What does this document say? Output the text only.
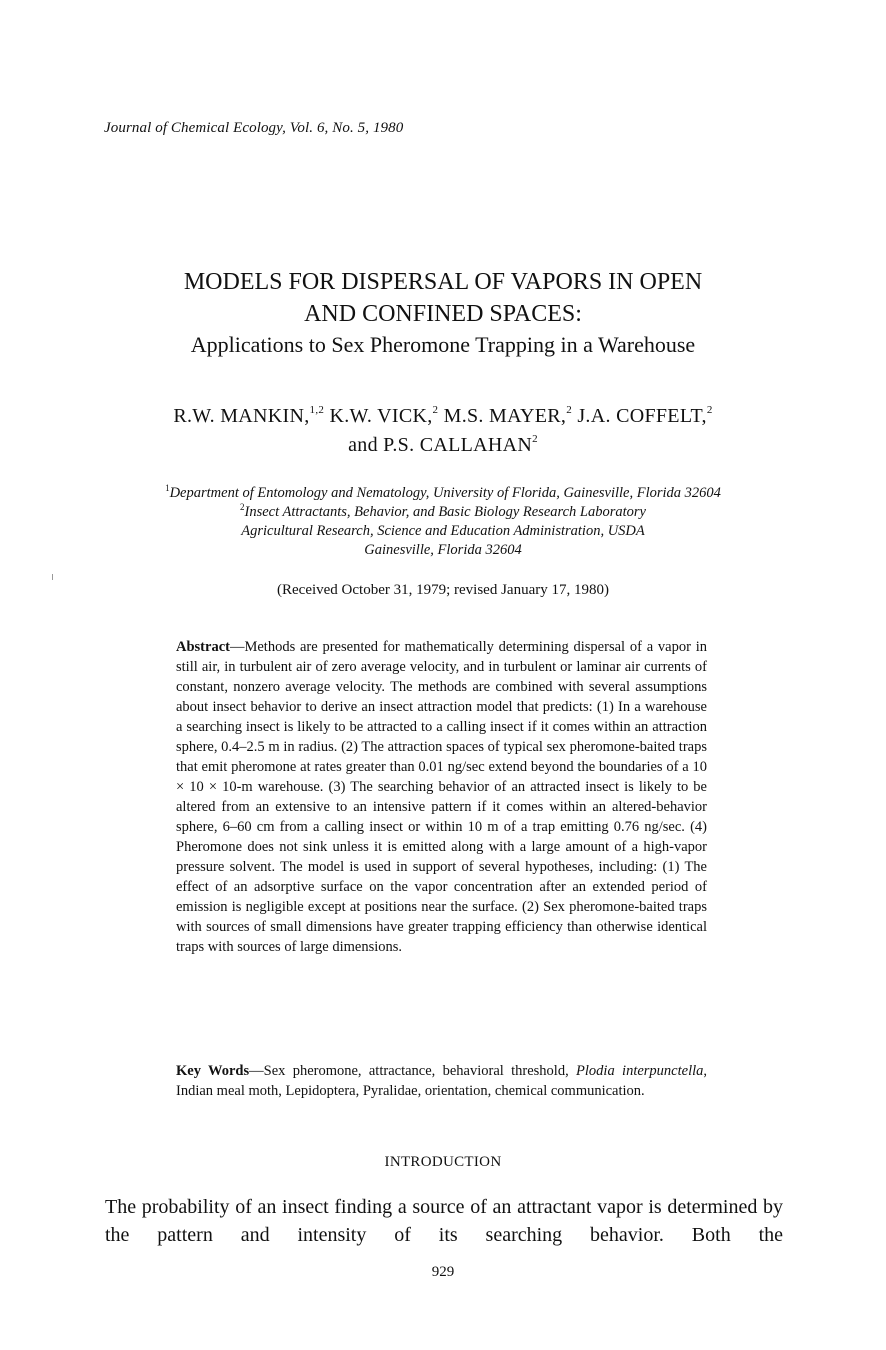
Journal of Chemical Ecology, Vol. 6, No. 5, 1980
MODELS FOR DISPERSAL OF VAPORS IN OPEN
AND CONFINED SPACES:
Applications to Sex Pheromone Trapping in a Warehouse
R.W. MANKIN,$^{1,2}$ K.W. VICK,$^2$ M.S. MAYER,$^2$ J.A. COFFELT,$^2$
and P.S. CALLAHAN$^2$
$^1$Department of Entomology and Nematology, University of Florida, Gainesville, Florida 32604
$^2$Insect Attractants, Behavior, and Basic Biology Research Laboratory
Agricultural Research, Science and Education Administration, USDA
Gainesville, Florida 32604
(Received October 31, 1979; revised January 17, 1980)
Abstract—Methods are presented for mathematically determining dispersal of a vapor in still air, in turbulent air of zero average velocity, and in turbulent or laminar air currents of constant, nonzero average velocity. The methods are combined with several assumptions about insect behavior to derive an insect attraction model that predicts: (1) In a warehouse a searching insect is likely to be attracted to a calling insect if it comes within an attraction sphere, 0.4–2.5 m in radius. (2) The attraction spaces of typical sex pheromone-baited traps that emit pheromone at rates greater than 0.01 ng/sec extend beyond the boundaries of a 10 × 10 × 10-m warehouse. (3) The searching behavior of an attracted insect is likely to be altered from an extensive to an intensive pattern if it comes within an altered-behavior sphere, 6–60 cm from a calling insect or within 10 m of a trap emitting 0.76 ng/sec. (4) Pheromone does not sink unless it is emitted along with a large amount of a high-vapor pressure solvent. The model is used in support of several hypotheses, including: (1) The effect of an adsorptive surface on the vapor concentration after an extended period of emission is negligible except at positions near the surface. (2) Sex pheromone-baited traps with sources of small dimensions have greater trapping efficiency than otherwise identical traps with sources of large dimensions.
Key Words—Sex pheromone, attractance, behavioral threshold, Plodia interpunctella, Indian meal moth, Lepidoptera, Pyralidae, orientation, chemical communication.
INTRODUCTION
The probability of an insect finding a source of an attractant vapor is determined by the pattern and intensity of its searching behavior. Both the
929
